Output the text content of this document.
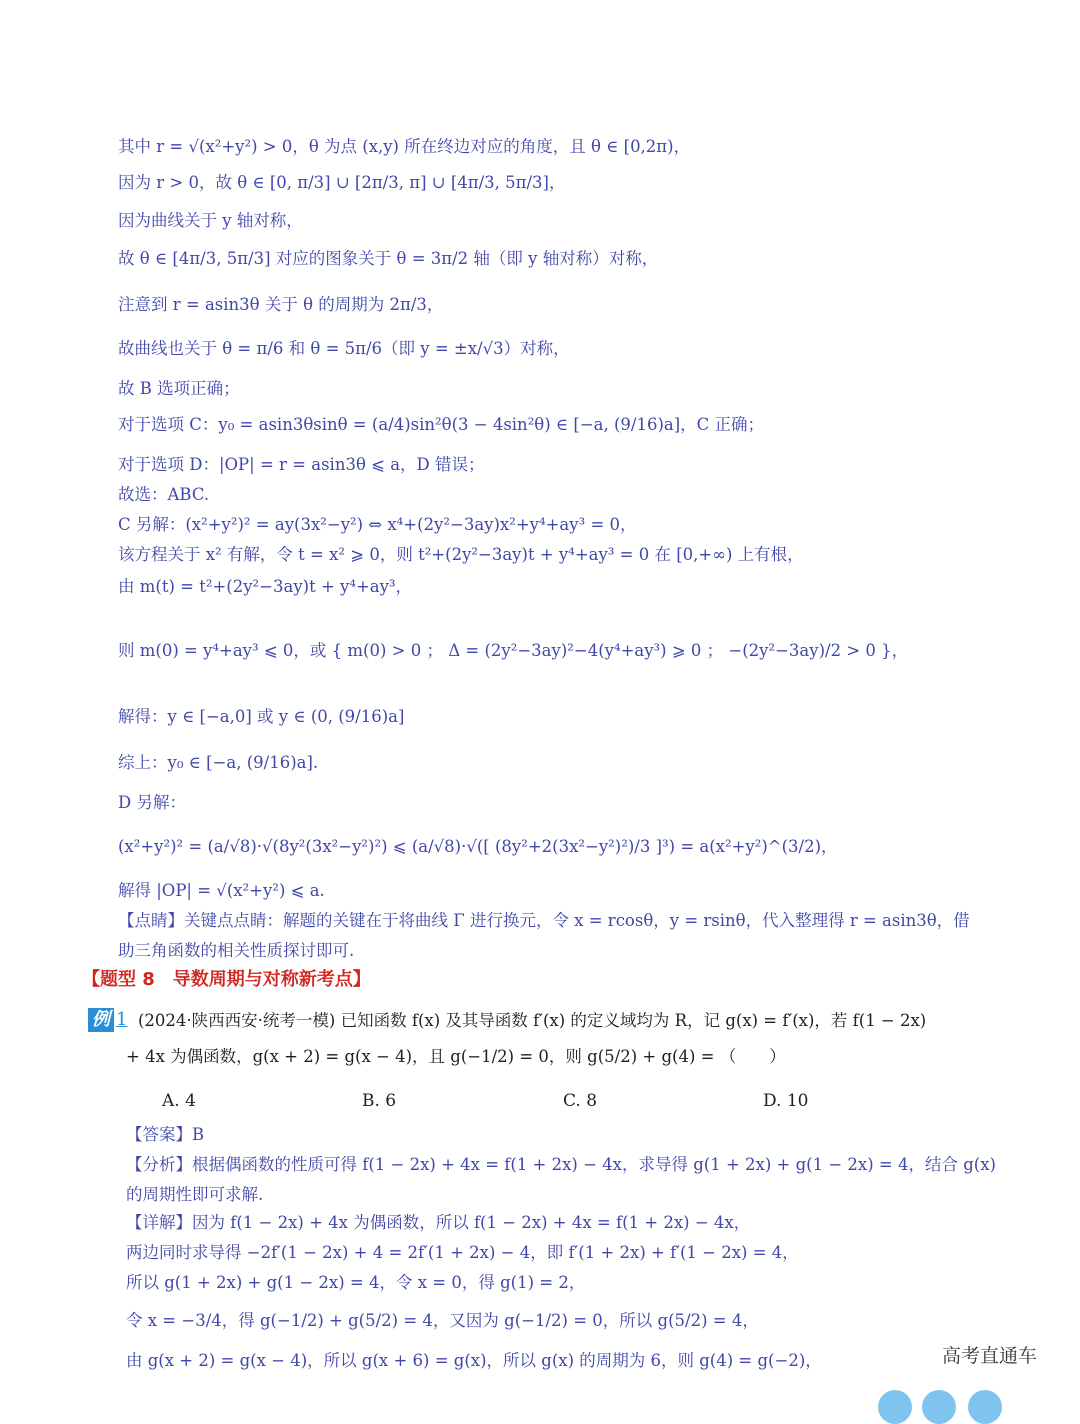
其中 r = √(x²+y²) > 0，θ 为点 (x,y) 所在终边对应的角度，且 θ ∈ [0,2π)，
因为 r > 0，故 θ ∈ [0, π/3] ∪ [2π/3, π] ∪ [4π/3, 5π/3]，
因为曲线关于 y 轴对称，
故 θ ∈ [4π/3, 5π/3] 对应的图象关于 θ = 3π/2 轴（即 y 轴对称）对称，
注意到 r = asin3θ 关于 θ 的周期为 2π/3，
故曲线也关于 θ = π/6 和 θ = 5π/6（即 y = ±x/√3）对称，
故 B 选项正确；
对于选项 C：y₀ = asin3θsinθ = (a/4)sin²θ(3 − 4sin²θ) ∈ [−a, (9/16)a]，C 正确；
对于选项 D：|OP| = r = asin3θ ⩽ a，D 错误；
故选：ABC.
C 另解：(x²+y²)² = ay(3x²−y²) ⇔ x⁴+(2y²−3ay)x²+y⁴+ay³ = 0，
该方程关于 x² 有解，令 t = x² ⩾ 0，则 t²+(2y²−3ay)t + y⁴+ay³ = 0 在 [0,+∞) 上有根，
由 m(t) = t²+(2y²−3ay)t + y⁴+ay³，
则 m(0) = y⁴+ay³ ⩽ 0，或 { m(0) > 0 ； Δ = (2y²−3ay)²−4(y⁴+ay³) ⩾ 0 ； −(2y²−3ay)/2 > 0 }，
解得：y ∈ [−a,0] 或 y ∈ (0, (9/16)a]
综上：y₀ ∈ [−a, (9/16)a].
D 另解：
(x²+y²)² = (a/√8)·√(8y²(3x²−y²)²) ⩽ (a/√8)·√([ (8y²+2(3x²−y²)²)/3 ]³) = a(x²+y²)^(3/2)，
解得 |OP| = √(x²+y²) ⩽ a.
【点睛】关键点点睛：解题的关键在于将曲线 Γ 进行换元，令 x = rcosθ，y = rsinθ，代入整理得 r = asin3θ，借
助三角函数的相关性质探讨即可.
【题型 8　导数周期与对称新考点】
例 1 (2024·陕西西安·统考一模) 已知函数 f(x) 及其导函数 f′(x) 的定义域均为 R，记 g(x) = f′(x)，若 f(1 − 2x)
+ 4x 为偶函数，g(x + 2) = g(x − 4)，且 g(−1/2) = 0，则 g(5/2) + g(4) = （　　）
A. 4	B. 6	C. 8	D. 10
【答案】B
【分析】根据偶函数的性质可得 f(1 − 2x) + 4x = f(1 + 2x) − 4x，求导得 g(1 + 2x) + g(1 − 2x) = 4，结合 g(x)
的周期性即可求解.
【详解】因为 f(1 − 2x) + 4x 为偶函数，所以 f(1 − 2x) + 4x = f(1 + 2x) − 4x，
两边同时求导得 −2f′(1 − 2x) + 4 = 2f′(1 + 2x) − 4，即 f′(1 + 2x) + f′(1 − 2x) = 4，
所以 g(1 + 2x) + g(1 − 2x) = 4，令 x = 0，得 g(1) = 2，
令 x = −3/4，得 g(−1/2) + g(5/2) = 4，又因为 g(−1/2) = 0，所以 g(5/2) = 4，
由 g(x + 2) = g(x − 4)，所以 g(x + 6) = g(x)，所以 g(x) 的周期为 6，则 g(4) = g(−2)，	高考直通车
